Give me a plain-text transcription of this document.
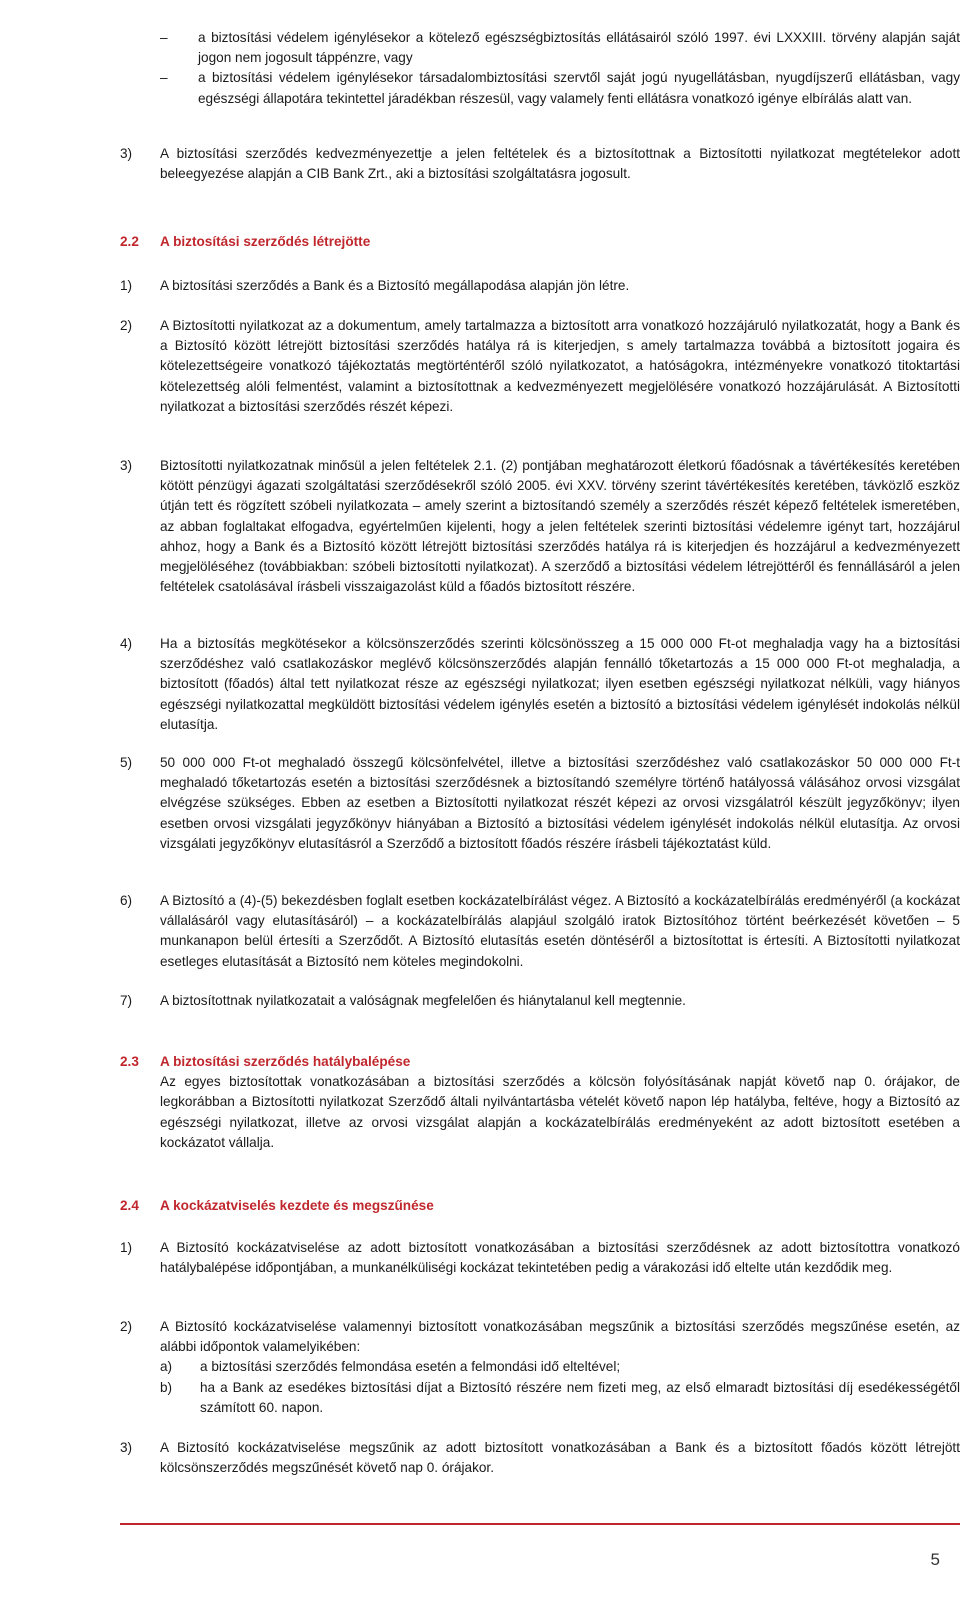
– a biztosítási védelem igénylésekor a kötelező egészségbiztosítás ellátásairól szóló 1997. évi LXXXIII. törvény alapján saját jogon nem jogosult táppénzre, vagy
– a biztosítási védelem igénylésekor társadalombiztosítási szervtől saját jogú nyugellátásban, nyugdíjszerű ellátásban, vagy egészségi állapotára tekintettel járadékban részesül, vagy valamely fenti ellátásra vonatkozó igénye elbírálás alatt van.
3) A biztosítási szerződés kedvezményezettje a jelen feltételek és a biztosítottnak a Biztosítotti nyilatkozat megtételekor adott beleegyezése alapján a CIB Bank Zrt., aki a biztosítási szolgáltatásra jogosult.
2.2 A biztosítási szerződés létrejötte
1) A biztosítási szerződés a Bank és a Biztosító megállapodása alapján jön létre.
2) A Biztosítotti nyilatkozat az a dokumentum, amely tartalmazza a biztosított arra vonatkozó hozzájáruló nyilatkozatát, hogy a Bank és a Biztosító között létrejött biztosítási szerződés hatálya rá is kiterjedjen, s amely tartalmazza továbbá a biztosított jogaira és kötelezettségeire vonatkozó tájékoztatás megtörténtéről szóló nyilatkozatot, a hatóságokra, intézményekre vonatkozó titoktartási kötelezettség alóli felmentést, valamint a biztosítottnak a kedvezményezett megjelölésére vonatkozó hozzájárulását. A Biztosítotti nyilatkozat a biztosítási szerződés részét képezi.
3) Biztosítotti nyilatkozatnak minősül a jelen feltételek 2.1. (2) pontjában meghatározott életkorú főadósnak a távértékesítés keretében kötött pénzügyi ágazati szolgáltatási szerződésekről szóló 2005. évi XXV. törvény szerint távértékesítés keretében, távközlő eszköz útján tett és rögzített szóbeli nyilatkozata – amely szerint a biztosítandó személy a szerződés részét képező feltételek ismeretében, az abban foglaltakat elfogadva, egyértelműen kijelenti, hogy a jelen feltételek szerinti biztosítási védelemre igényt tart, hozzájárul ahhoz, hogy a Bank és a Biztosító között létrejött biztosítási szerződés hatálya rá is kiterjedjen és hozzájárul a kedvezményezett megjelöléséhez (továbbiakban: szóbeli biztosítotti nyilatkozat). A szerződő a biztosítási védelem létrejöttéről és fennállásáról a jelen feltételek csatolásával írásbeli visszaigazolást küld a főadós biztosított részére.
4) Ha a biztosítás megkötésekor a kölcsönszerződés szerinti kölcsönösszeg a 15 000 000 Ft-ot meghaladja vagy ha a biztosítási szerződéshez való csatlakozáskor meglévő kölcsönszerződés alapján fennálló tőketartozás a 15 000 000 Ft-ot meghaladja, a biztosított (főadós) által tett nyilatkozat része az egészségi nyilatkozat; ilyen esetben egészségi nyilatkozat nélküli, vagy hiányos egészségi nyilatkozattal megküldött biztosítási védelem igénylés esetén a biztosító a biztosítási védelem igénylését indokolás nélkül elutasítja.
5) 50 000 000 Ft-ot meghaladó összegű kölcsönfelvétel, illetve a biztosítási szerződéshez való csatlakozáskor 50 000 000 Ft-t meghaladó tőketartozás esetén a biztosítási szerződésnek a biztosítandó személyre történő hatályossá válásához orvosi vizsgálat elvégzése szükséges. Ebben az esetben a Biztosítotti nyilatkozat részét képezi az orvosi vizsgálatról készült jegyzőkönyv; ilyen esetben orvosi vizsgálati jegyzőkönyv hiányában a Biztosító a biztosítási védelem igénylését indokolás nélkül elutasítja. Az orvosi vizsgálati jegyzőkönyv elutasításról a Szerződő a biztosított főadós részére írásbeli tájékoztatást küld.
6) A Biztosító a (4)-(5) bekezdésben foglalt esetben kockázatelbírálást végez. A Biztosító a kockázatelbírálás eredményéről (a kockázat vállalásáról vagy elutasításáról) – a kockázatelbírálás alapjául szolgáló iratok Biztosítóhoz történt beérkezését követően – 5 munkanapon belül értesíti a Szerződőt. A Biztosító elutasítás esetén döntéséről a biztosítottat is értesíti. A Biztosítotti nyilatkozat esetleges elutasítását a Biztosító nem köteles megindokolni.
7) A biztosítottnak nyilatkozatait a valóságnak megfelelően és hiánytalanul kell megtennie.
2.3 A biztosítási szerződés hatálybalépése
Az egyes biztosítottak vonatkozásában a biztosítási szerződés a kölcsön folyósításának napját követő nap 0. órájakor, de legkorábban a Biztosítotti nyilatkozat Szerződő általi nyilvántartásba vételét követő napon lép hatályba, feltéve, hogy a Biztosító az egészségi nyilatkozat, illetve az orvosi vizsgálat alapján a kockázatelbírálás eredményeként az adott biztosított esetében a kockázatot vállalja.
2.4 A kockázatviselés kezdete és megszűnése
1) A Biztosító kockázatviselése az adott biztosított vonatkozásában a biztosítási szerződésnek az adott biztosítottra vonatkozó hatálybalépése időpontjában, a munkanélküliségi kockázat tekintetében pedig a várakozási idő eltelte után kezdődik meg.
2) A Biztosító kockázatviselése valamennyi biztosított vonatkozásában megszűnik a biztosítási szerződés megszűnése esetén, az alábbi időpontok valamelyikében:
a) a biztosítási szerződés felmondása esetén a felmondási idő elteltével;
b) ha a Bank az esedékes biztosítási díjat a Biztosító részére nem fizeti meg, az első elmaradt biztosítási díj esedékességétől számított 60. napon.
3) A Biztosító kockázatviselése megszűnik az adott biztosított vonatkozásában a Bank és a biztosított főadós között létrejött kölcsönszerződés megszűnését követő nap 0. órájakor.
5
